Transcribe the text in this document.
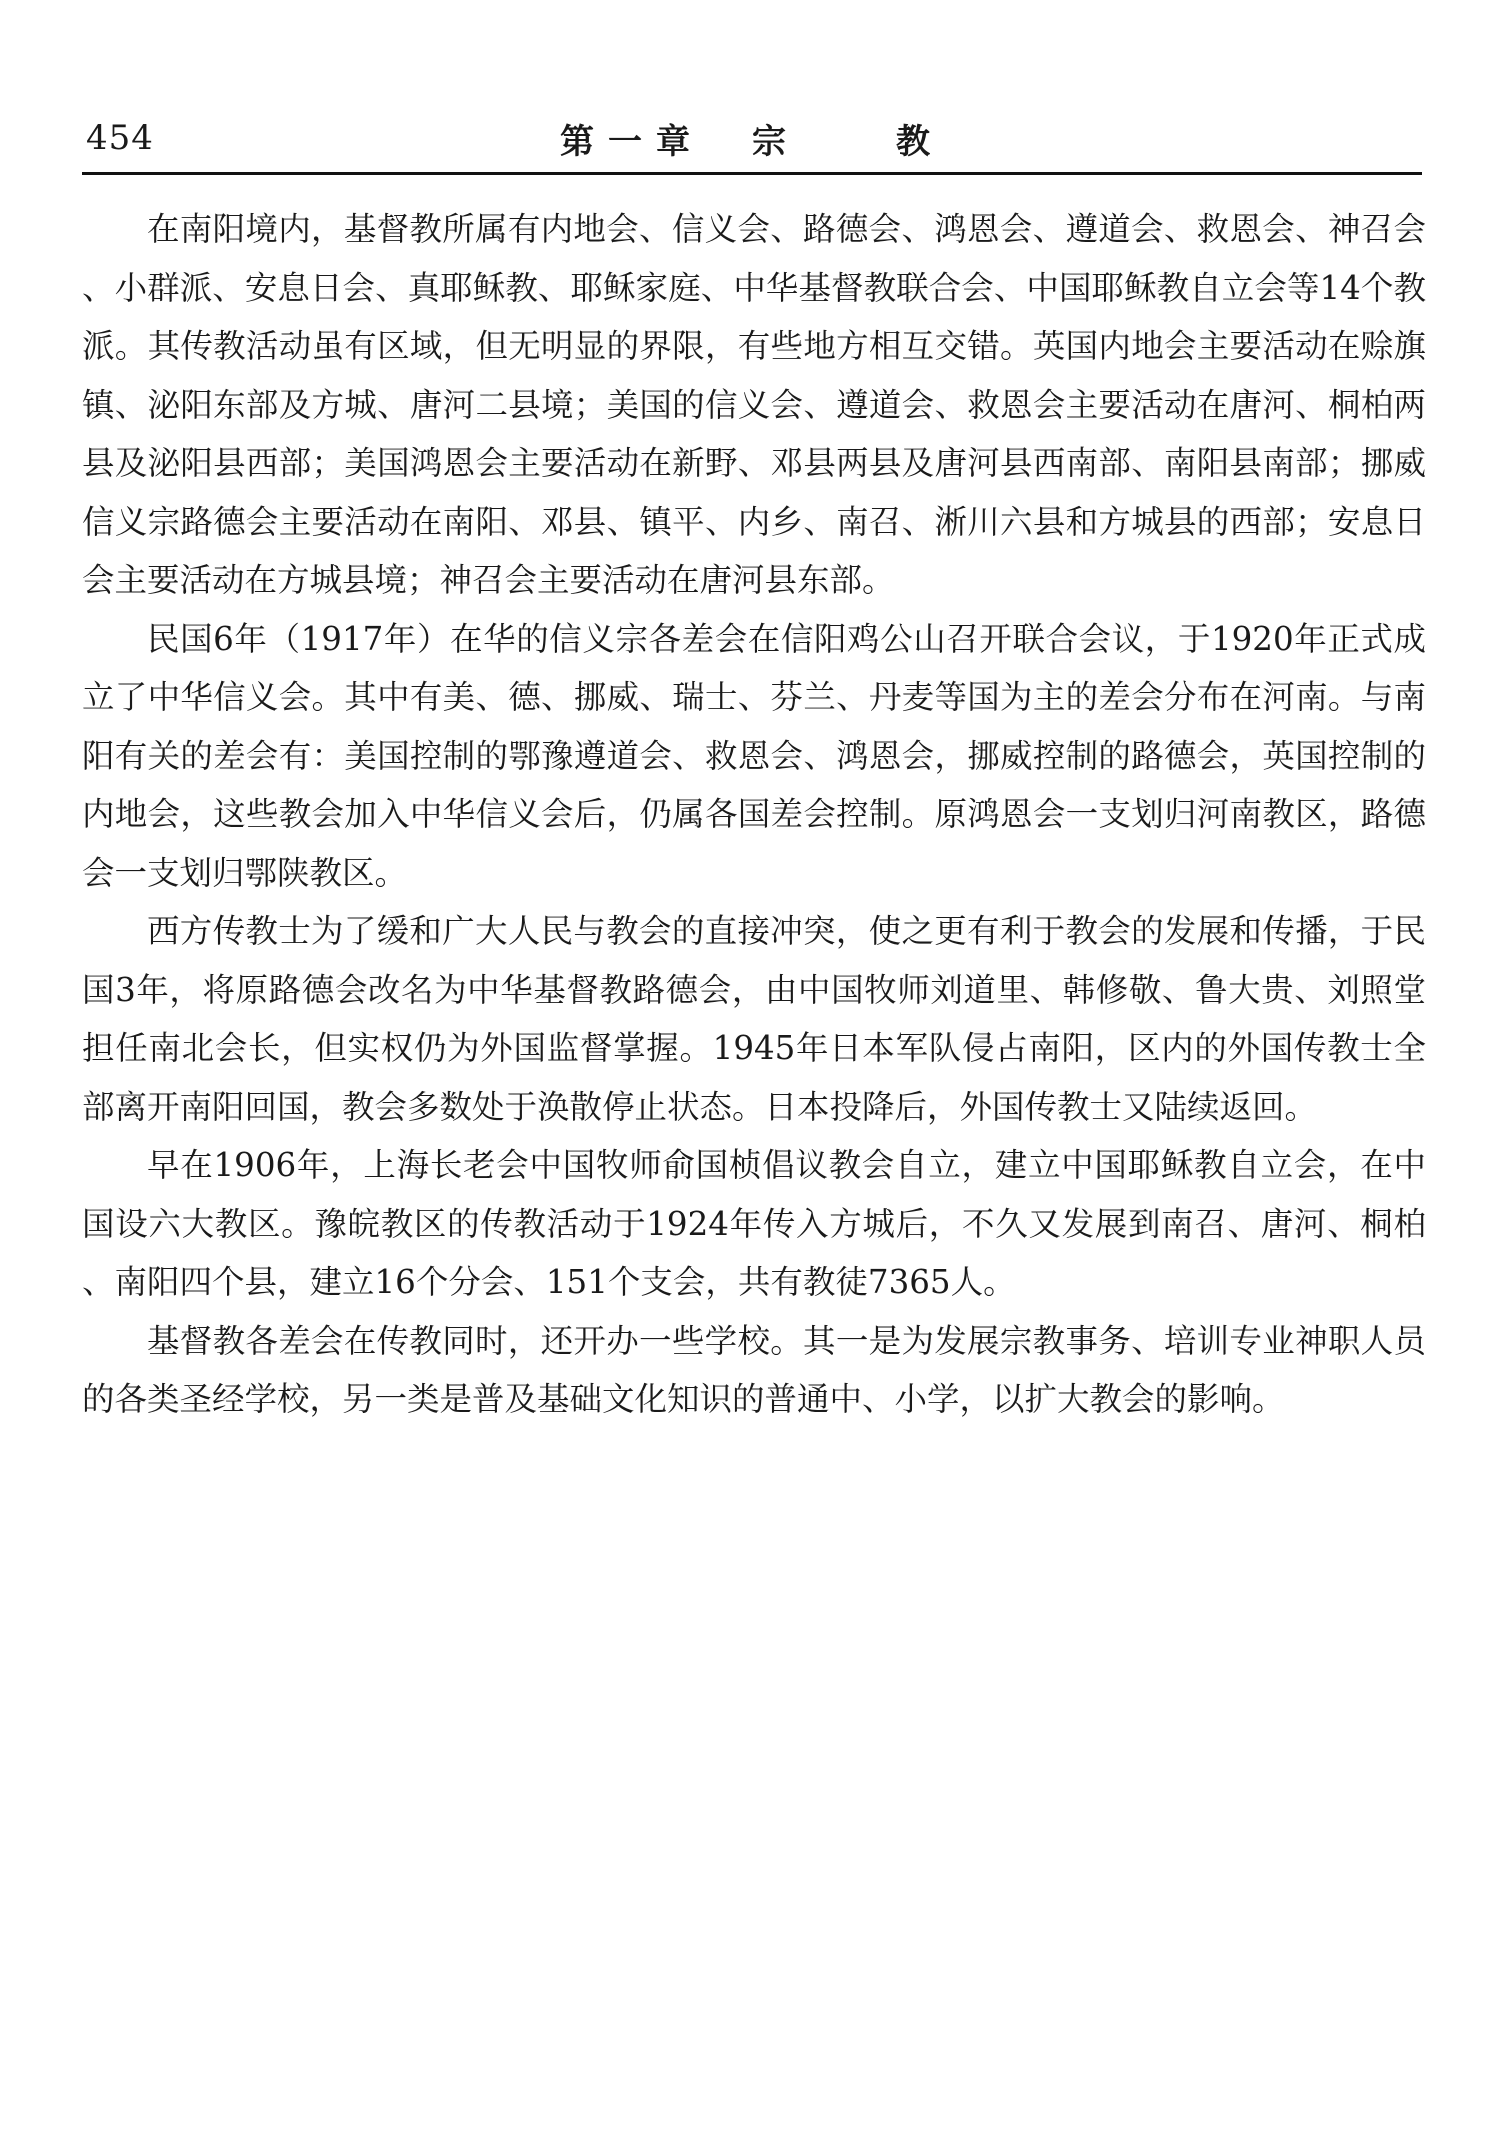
454	第一章　宗　　教

在南阳境内，基督教所属有内地会、信义会、路德会、鸿恩会、遵道会、救恩会、神召会、小群派、安息日会、真耶稣教、耶稣家庭、中华基督教联合会、中国耶稣教自立会等14个教派。其传教活动虽有区域，但无明显的界限，有些地方相互交错。英国内地会主要活动在赊旗镇、泌阳东部及方城、唐河二县境；美国的信义会、遵道会、救恩会主要活动在唐河、桐柏两县及泌阳县西部；美国鸿恩会主要活动在新野、邓县两县及唐河县西南部、南阳县南部；挪威信义宗路德会主要活动在南阳、邓县、镇平、内乡、南召、淅川六县和方城县的西部；安息日会主要活动在方城县境；神召会主要活动在唐河县东部。

民国6年（1917年）在华的信义宗各差会在信阳鸡公山召开联合会议，于1920年正式成立了中华信义会。其中有美、德、挪威、瑞士、芬兰、丹麦等国为主的差会分布在河南。与南阳有关的差会有：美国控制的鄂豫遵道会、救恩会、鸿恩会，挪威控制的路德会，英国控制的内地会，这些教会加入中华信义会后，仍属各国差会控制。原鸿恩会一支划归河南教区，路德会一支划归鄂陕教区。

西方传教士为了缓和广大人民与教会的直接冲突，使之更有利于教会的发展和传播，于民国3年，将原路德会改名为中华基督教路德会，由中国牧师刘道里、韩修敬、鲁大贵、刘照堂担任南北会长，但实权仍为外国监督掌握。1945年日本军队侵占南阳，区内的外国传教士全部离开南阳回国，教会多数处于涣散停止状态。日本投降后，外国传教士又陆续返回。

早在1906年，上海长老会中国牧师俞国桢倡议教会自立，建立中国耶稣教自立会，在中国设六大教区。豫皖教区的传教活动于1924年传入方城后，不久又发展到南召、唐河、桐柏、南阳四个县，建立16个分会、151个支会，共有教徒7365人。

基督教各差会在传教同时，还开办一些学校。其一是为发展宗教事务、培训专业神职人员的各类圣经学校，另一类是普及基础文化知识的普通中、小学，以扩大教会的影响。
